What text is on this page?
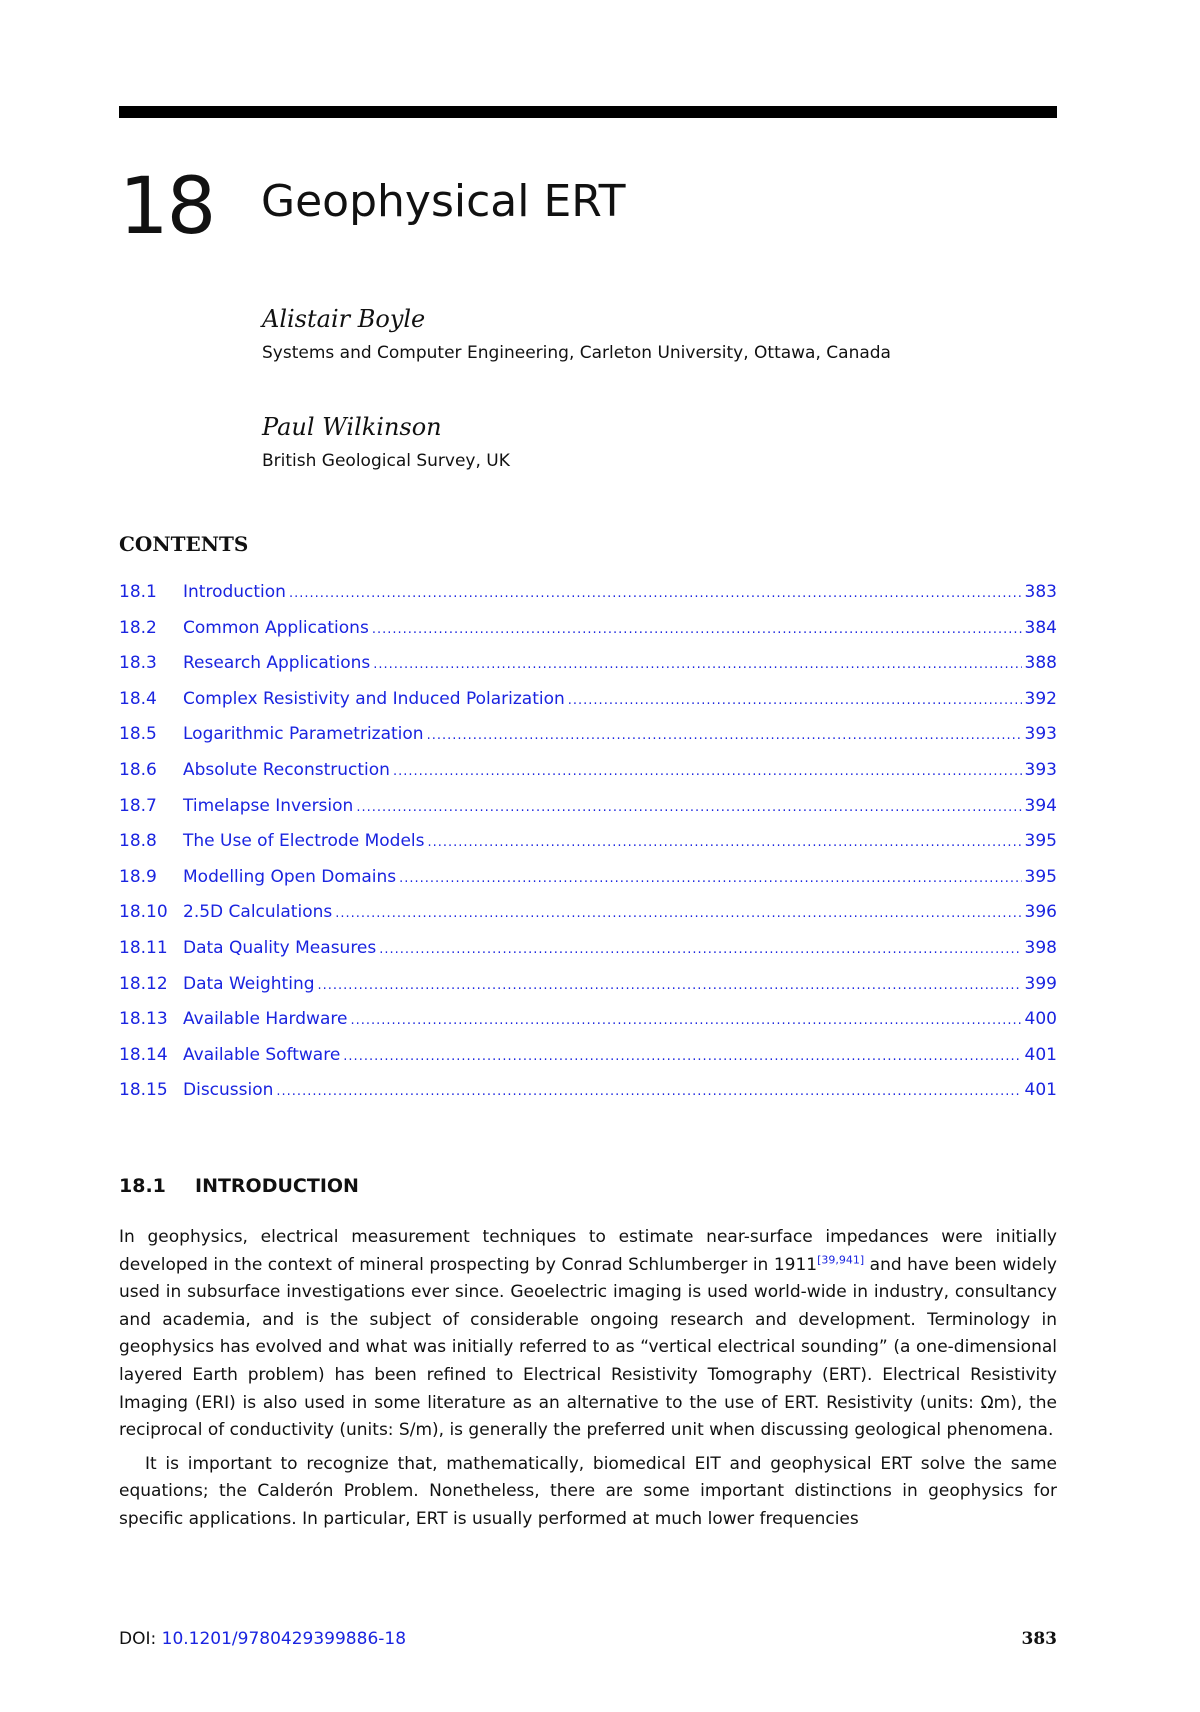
18 Geophysical ERT
Alistair Boyle
Systems and Computer Engineering, Carleton University, Ottawa, Canada
Paul Wilkinson
British Geological Survey, UK
CONTENTS
18.1	Introduction .....	383
18.2	Common Applications .....	384
18.3	Research Applications .....	388
18.4	Complex Resistivity and Induced Polarization .....	392
18.5	Logarithmic Parametrization .....	393
18.6	Absolute Reconstruction .....	393
18.7	Timelapse Inversion .....	394
18.8	The Use of Electrode Models .....	395
18.9	Modelling Open Domains .....	395
18.10 2.5D Calculations .....	396
18.11 Data Quality Measures .....	398
18.12 Data Weighting .....	399
18.13 Available Hardware .....	400
18.14 Available Software .....	401
18.15 Discussion .....	401
18.1	INTRODUCTION

In geophysics, electrical measurement techniques to estimate near-surface impedances were initially developed in the context of mineral prospecting by Conrad Schlumberger in 1911[39,941] and have been widely used in subsurface investigations ever since. Geoelectric imaging is used world-wide in industry, consultancy and academia, and is the subject of considerable ongoing research and development. Terminology in geophysics has evolved and what was initially referred to as “vertical electrical sounding” (a one-dimensional layered Earth problem) has been refined to Electrical Resistivity Tomography (ERT). Electrical Resistivity Imaging (ERI) is also used in some literature as an alternative to the use of ERT. Resistivity (units: Ωm), the reciprocal of conductivity (units: S/m), is generally the preferred unit when discussing geological phenomena.

It is important to recognize that, mathematically, biomedical EIT and geophysical ERT solve the same equations; the Calderón Problem. Nonetheless, there are some important distinctions in geophysics for specific applications. In particular, ERT is usually performed at much lower frequencies

DOI: 10.1201/9780429399886-18	383
